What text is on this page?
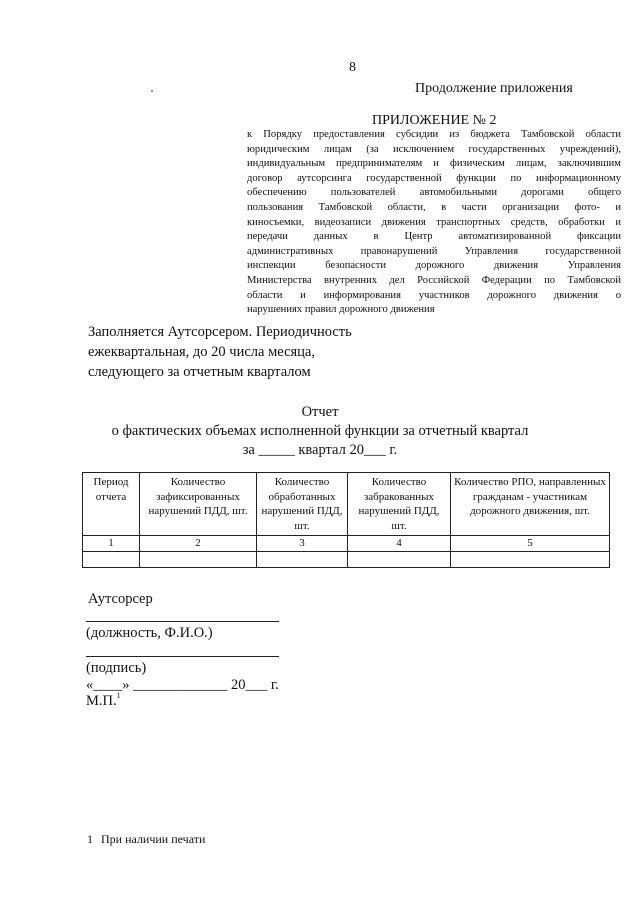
8
Продолжение приложения
ПРИЛОЖЕНИЕ № 2
к Порядку предоставления субсидии из бюджета Тамбовской области
юридическим лицам (за исключением государственных учреждений),
индивидуальным предпринимателям и физическим лицам, заключившим
договор аутсорсинга государственной функции по информационному
обеспечению пользователей автомобильными дорогами общего
пользования Тамбовской области, в части организации фото- и
киносъемки, видеозаписи движения транспортных средств, обработки и
передачи данных в Центр автоматизированной фиксации
административных правонарушений Управления государственной
инспекции безопасности дорожного движения Управления
Министерства внутренних дел Российской Федерации по Тамбовской
области и информирования участников дорожного движения о
нарушениях правил дорожного движения
Заполняется Аутсорсером. Периодичность
ежеквартальная, до 20 числа месяца,
следующего за отчетным кварталом
Отчет
о фактических объемах исполненной функции за отчетный квартал
за _____ квартал 20___ г.
Период отчета	Количество зафиксированных нарушений ПДД, шт.	Количество обработанных нарушений ПДД, шт.	Количество забракованных нарушений ПДД, шт.	Количество РПО, направленных гражданам - участникам дорожного движения, шт.
1	2	3	4	5

Аутсорсер
(должность, Ф.И.О.)
(подпись)
«____» _____________ 20___ г.
М.П.$^1$
1 При наличии печати
